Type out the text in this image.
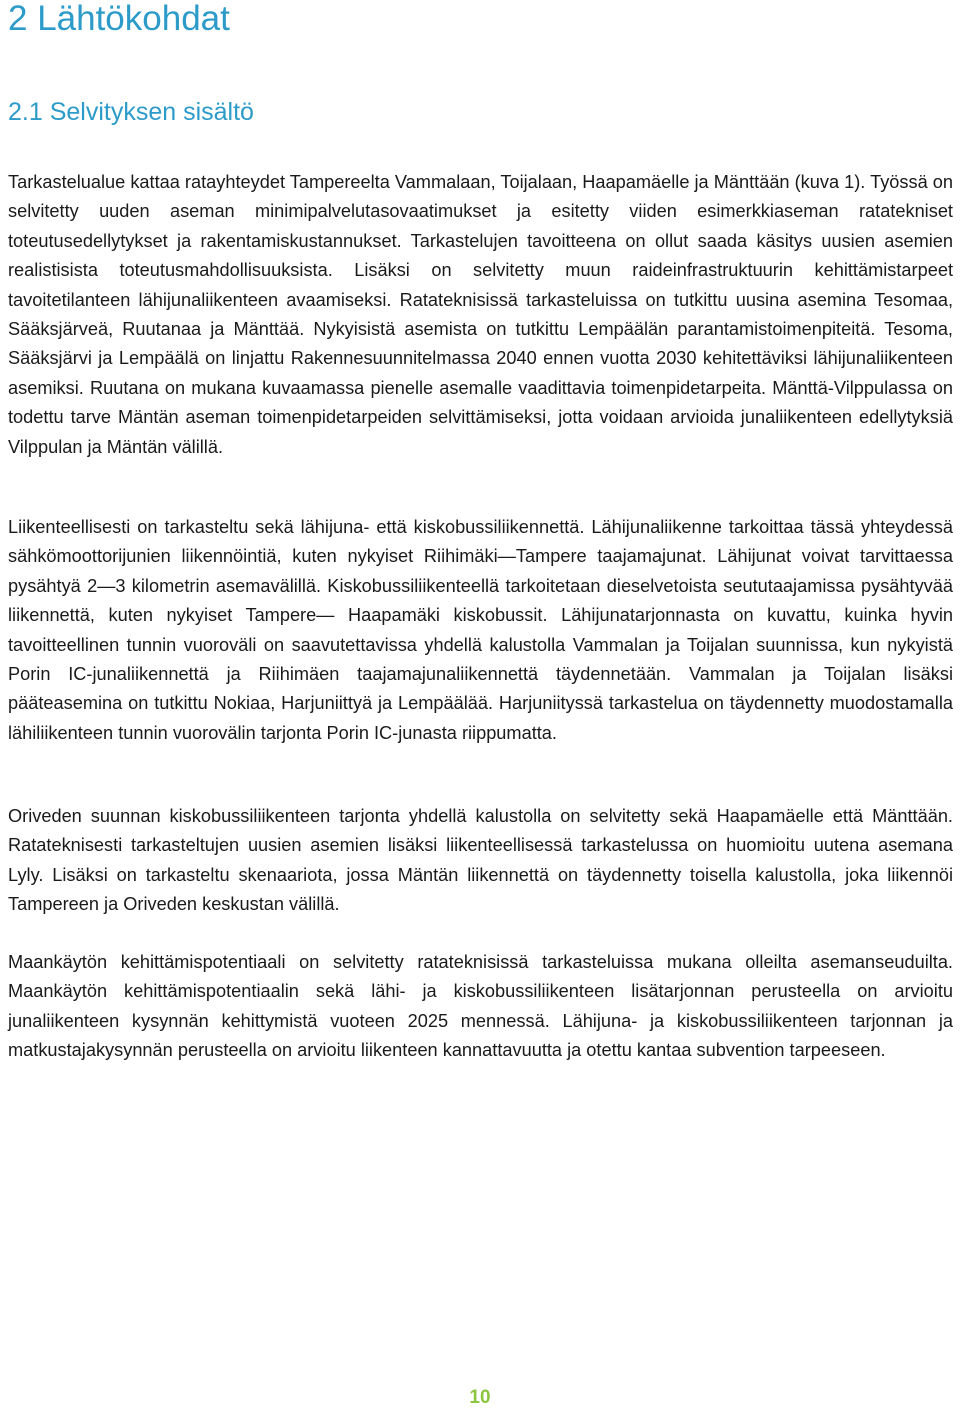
2 Lähtökohdat
2.1 Selvityksen sisältö

Tarkastelualue kattaa ratayhteydet Tampereelta Vammalaan, Toijalaan, Haapamäelle ja Mänttään (kuva 1). Työssä on selvitetty uuden aseman minimipalvelutasovaatimukset ja esitetty viiden esimerkkiaseman ratatekniset toteutusedellytykset ja rakentamiskustannukset. Tarkastelujen tavoitteena on ollut saada käsitys uusien asemien realistisista toteutusmahdollisuuksista. Lisäksi on selvitetty muun raideinfrastruktuurin kehittämistarpeet tavoitetilanteen lähijunaliikenteen avaamiseksi. Ratateknisissä tarkasteluissa on tutkittu uusina asemina Tesomaa, Sääksjärveä, Ruutanaa ja Mänttää. Nykyisistä asemista on tutkittu Lempäälän parantamistoimenpiteitä. Tesoma, Sääksjärvi ja Lempäälä on linjattu Rakennesuunnitelmassa 2040 ennen vuotta 2030 kehitettäviksi lähijunaliikenteen asemiksi. Ruutana on mukana kuvaamassa pienelle asemalle vaadittavia toimenpidetarpeita. Mänttä-Vilppulassa on todettu tarve Mäntän aseman toimenpidetarpeiden selvittämiseksi, jotta voidaan arvioida junaliikenteen edellytyksiä Vilppulan ja Mäntän välillä.

Liikenteellisesti on tarkasteltu sekä lähijuna- että kiskobussiliikennettä. Lähijunaliikenne tarkoittaa tässä yhteydessä sähkömoottorijunien liikennöintiä, kuten nykyiset Riihimäki—Tampere taajamajunat. Lähijunat voivat tarvittaessa pysähtyä 2—3 kilometrin asemavälillä. Kiskobussiliikenteellä tarkoitetaan dieselvetoista seututaajamissa pysähtyvää liikennettä, kuten nykyiset Tampere— Haapamäki kiskobussit. Lähijunatarjonnasta on kuvattu, kuinka hyvin tavoitteellinen tunnin vuoroväli on saavutettavissa yhdellä kalustolla Vammalan ja Toijalan suunnissa, kun nykyistä Porin IC-junaliikennettä ja Riihimäen taajamajunaliikennettä täydennetään. Vammalan ja Toijalan lisäksi pääteasemina on tutkittu Nokiaa, Harjuniittyä ja Lempäälää. Harjuniityssä tarkastelua on täydennetty muodostamalla lähiliikenteen tunnin vuorovälin tarjonta Porin IC-junasta riippumatta.

Oriveden suunnan kiskobussiliikenteen tarjonta yhdellä kalustolla on selvitetty sekä Haapamäelle että Mänttään. Ratateknisesti tarkasteltujen uusien asemien lisäksi liikenteellisessä tarkastelussa on huomioitu uutena asemana Lyly. Lisäksi on tarkasteltu skenaariota, jossa Mäntän liikennettä on täydennetty toisella kalustolla, joka liikennöi Tampereen ja Oriveden keskustan välillä.

Maankäytön kehittämispotentiaali on selvitetty ratateknisissä tarkasteluissa mukana olleilta asemanseuduilta. Maankäytön kehittämispotentiaalin sekä lähi- ja kiskobussiliikenteen lisätarjonnan perusteella on arvioitu junaliikenteen kysynnän kehittymistä vuoteen 2025 mennessä. Lähijuna- ja kiskobussiliikenteen tarjonnan ja matkustajakysynnän perusteella on arvioitu liikenteen kannattavuutta ja otettu kantaa subvention tarpeeseen.

10
